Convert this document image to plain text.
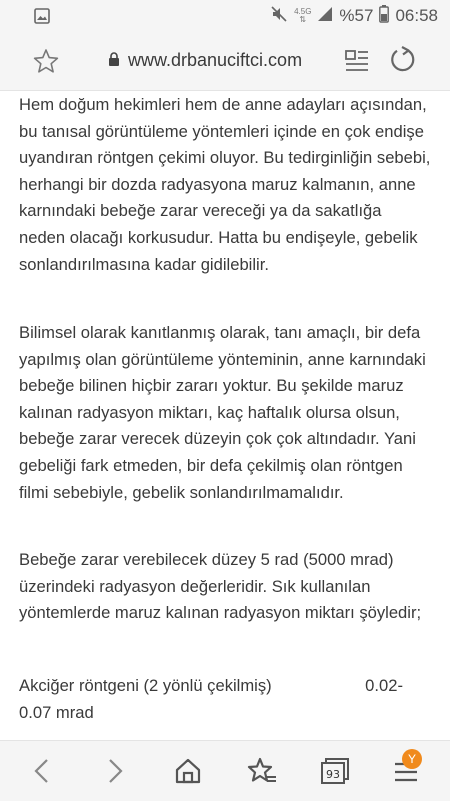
4.5G
⇅	%57 06:58
www.drbanuciftci.com

Hem doğum hekimleri hem de anne adayları açısından, bu tanısal görüntüleme yöntemleri içinde en çok endişe uyandıran röntgen çekimi oluyor. Bu tedirginliğin sebebi, herhangi bir dozda radyasyona maruz kalmanın, anne karnındaki bebeğe zarar vereceği ya da sakatlığa neden olacağı korkusudur. Hatta bu endişeyle, gebelik sonlandırılmasına kadar gidilebilir.

Bilimsel olarak kanıtlanmış olarak, tanı amaçlı, bir defa yapılmış olan görüntüleme yönteminin, anne karnındaki bebeğe bilinen hiçbir zararı yoktur. Bu şekilde maruz kalınan radyasyon miktarı, kaç haftalık olursa olsun, bebeğe zarar verecek düzeyin çok çok altındadır. Yani gebeliği fark etmeden, bir defa çekilmiş olan röntgen filmi sebebiyle, gebelik sonlandırılmamalıdır.

Bebeğe zarar verebilecek düzey 5 rad (5000 mrad) üzerindeki radyasyon değerleridir. Sık kullanılan yöntemlerde maruz kalınan radyasyon miktarı şöyledir;

Akciğer röntgeni (2 yönlü çekilmiş)	0.02-

0.07 mrad
93
Y
